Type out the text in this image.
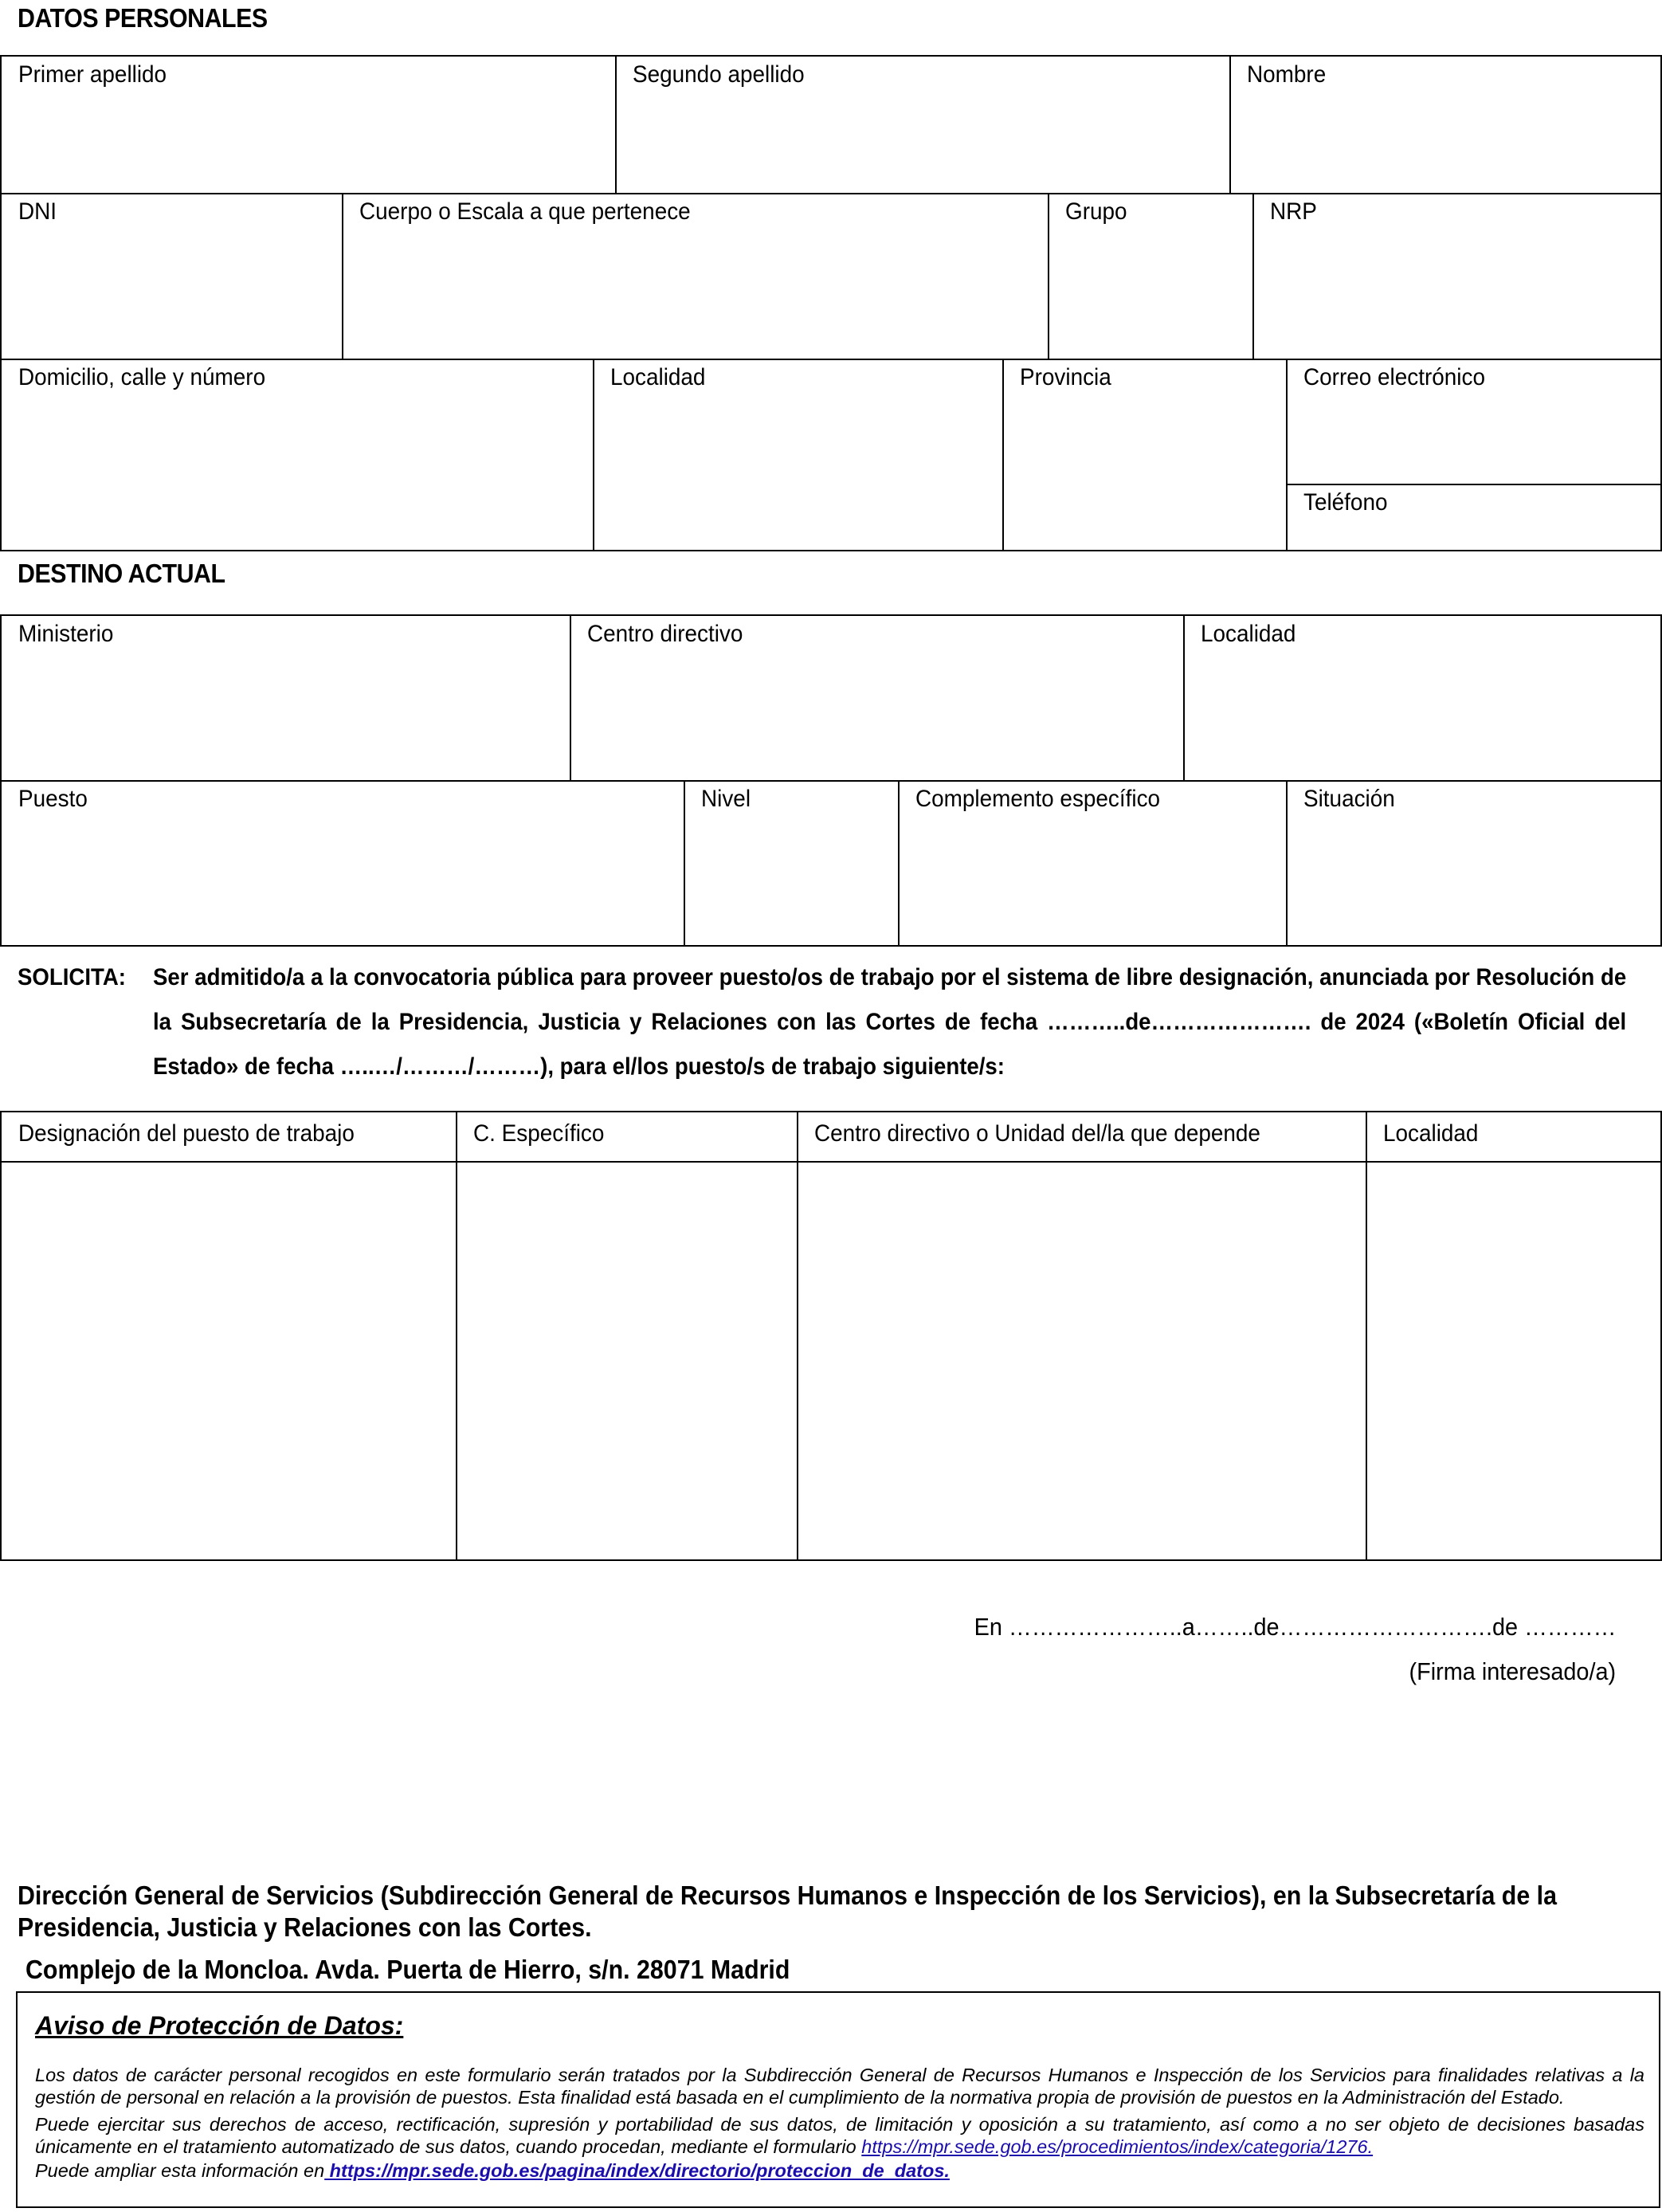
DATOS PERSONALES
Primer apellido	Segundo apellido	Nombre
DNI	Cuerpo o Escala a que pertenece	Grupo	NRP
Domicilio, calle y número	Localidad	Provincia	Correo electrónico
Teléfono
DESTINO ACTUAL
Ministerio	Centro directivo	Localidad
Puesto	Nivel	Complemento específico	Situación
SOLICITA:	Ser admitido/a a la convocatoria pública para proveer puesto/os de trabajo por el sistema de libre designación, anunciada por Resolución de la Subsecretaría de la Presidencia, Justicia y Relaciones con las Cortes de fecha ………..de…………………. de 2024 («Boletín Oficial del Estado» de fecha …..…/………/………), para el/los puesto/s de trabajo siguiente/s:
Designación del puesto de trabajo	C. Específico	Centro directivo o Unidad del/la que depende	Localidad
En …………………..a……..de……………………….de …………
(Firma interesado/a)
Dirección General de Servicios (Subdirección General de Recursos Humanos e Inspección de los Servicios), en la Subsecretaría de la Presidencia, Justicia y Relaciones con las Cortes.
Complejo de la Moncloa. Avda. Puerta de Hierro, s/n. 28071 Madrid
Aviso de Protección de Datos:
Los datos de carácter personal recogidos en este formulario serán tratados por la Subdirección General de Recursos Humanos e Inspección de los Servicios para finalidades relativas a la gestión de personal en relación a la provisión de puestos. Esta finalidad está basada en el cumplimiento de la normativa propia de provisión de puestos en la Administración del Estado.
Puede ejercitar sus derechos de acceso, rectificación, supresión y portabilidad de sus datos, de limitación y oposición a su tratamiento, así como a no ser objeto de decisiones basadas únicamente en el tratamiento automatizado de sus datos, cuando procedan, mediante el formulario https://mpr.sede.gob.es/procedimientos/index/categoria/1276.
Puede ampliar esta información en https://mpr.sede.gob.es/pagina/index/directorio/proteccion_de_datos.
